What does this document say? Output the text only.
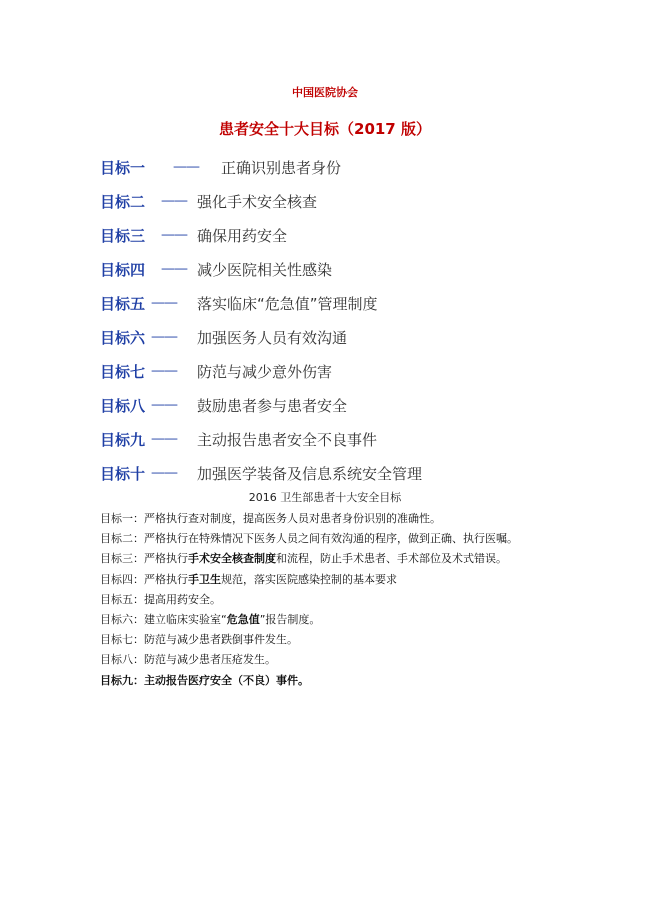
中国医院协会
患者安全十大目标（2017 版）
目标一 —— 正确识别患者身份
目标二 —— 强化手术安全核查
目标三 —— 确保用药安全
目标四 —— 减少医院相关性感染
目标五 —— 落实临床“危急值”管理制度
目标六 —— 加强医务人员有效沟通
目标七 —— 防范与减少意外伤害
目标八 —— 鼓励患者参与患者安全
目标九 —— 主动报告患者安全不良事件
目标十 —— 加强医学装备及信息系统安全管理
2016 卫生部患者十大安全目标
目标一：严格执行查对制度，提高医务人员对患者身份识别的准确性。
目标二：严格执行在特殊情况下医务人员之间有效沟通的程序，做到正确、执行医嘱。
目标三：严格执行手术安全核查制度和流程，防止手术患者、手术部位及术式错误。
目标四：严格执行手卫生规范，落实医院感染控制的基本要求
目标五：提高用药安全。
目标六：建立临床实验室“危急值”报告制度。
目标七：防范与减少患者跌倒事件发生。
目标八：防范与减少患者压疮发生。
目标九：主动报告医疗安全（不良）事件。
